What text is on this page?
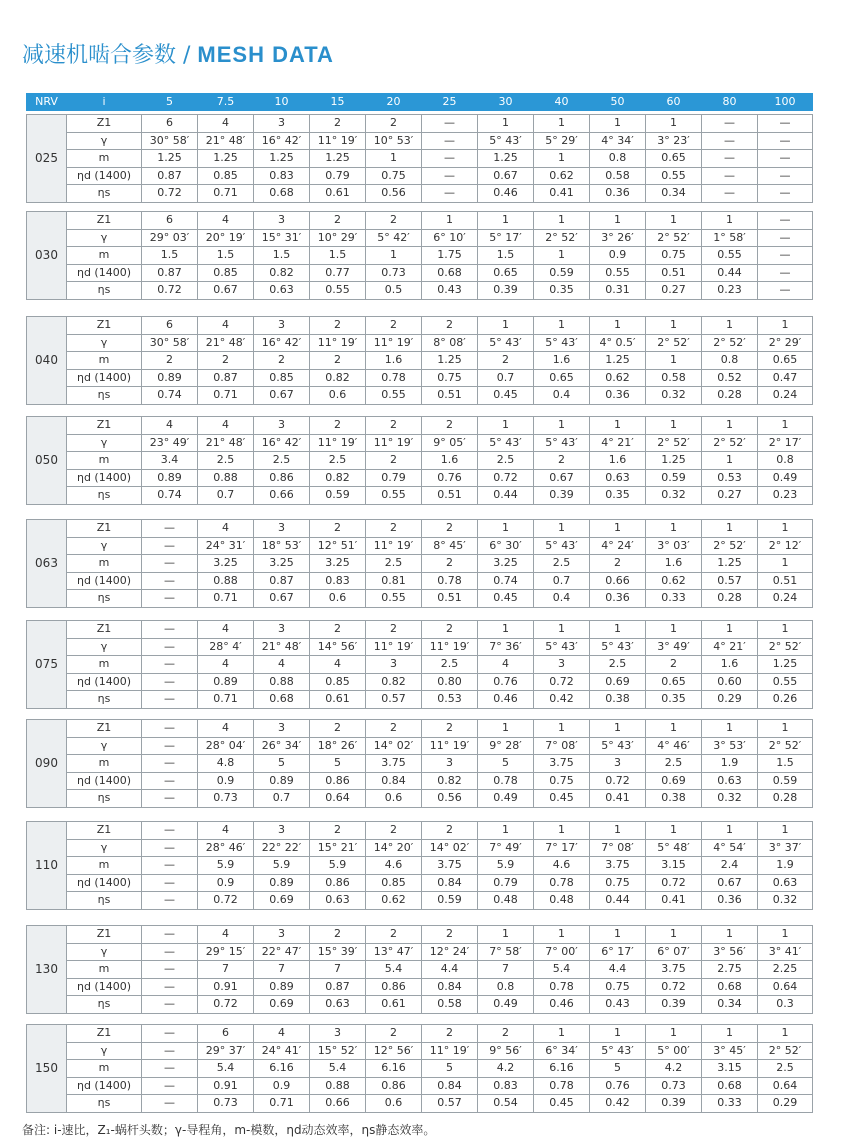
减速机啮合参数 / MESH DATA
NRV	i	5	7.5	10	15	20	25	30	40	50	60	80	100
025	Z1	6	4	3	2	2	—	1	1	1	1	—	—
	γ	30° 58′	21° 48′	16° 42′	11° 19′	10° 53′	—	5° 43′	5° 29′	4° 34′	3° 23′	—	—
	m	1.25	1.25	1.25	1.25	1	—	1.25	1	0.8	0.65	—	—
	ηd (1400)	0.87	0.85	0.83	0.79	0.75	—	0.67	0.62	0.58	0.55	—	—
	ηs	0.72	0.71	0.68	0.61	0.56	—	0.46	0.41	0.36	0.34	—	—
030	Z1	6	4	3	2	2	1	1	1	1	1	1	—
	γ	29° 03′	20° 19′	15° 31′	10° 29′	5° 42′	6° 10′	5° 17′	2° 52′	3° 26′	2° 52′	1° 58′	—
	m	1.5	1.5	1.5	1.5	1	1.75	1.5	1	0.9	0.75	0.55	—
	ηd (1400)	0.87	0.85	0.82	0.77	0.73	0.68	0.65	0.59	0.55	0.51	0.44	—
	ηs	0.72	0.67	0.63	0.55	0.5	0.43	0.39	0.35	0.31	0.27	0.23	—
040	Z1	6	4	3	2	2	2	1	1	1	1	1	1
	γ	30° 58′	21° 48′	16° 42′	11° 19′	11° 19′	8° 08′	5° 43′	5° 43′	4° 0.5′	2° 52′	2° 52′	2° 29′
	m	2	2	2	2	1.6	1.25	2	1.6	1.25	1	0.8	0.65
	ηd (1400)	0.89	0.87	0.85	0.82	0.78	0.75	0.7	0.65	0.62	0.58	0.52	0.47
	ηs	0.74	0.71	0.67	0.6	0.55	0.51	0.45	0.4	0.36	0.32	0.28	0.24
050	Z1	4	4	3	2	2	2	1	1	1	1	1	1
	γ	23° 49′	21° 48′	16° 42′	11° 19′	11° 19′	9° 05′	5° 43′	5° 43′	4° 21′	2° 52′	2° 52′	2° 17′
	m	3.4	2.5	2.5	2.5	2	1.6	2.5	2	1.6	1.25	1	0.8
	ηd (1400)	0.89	0.88	0.86	0.82	0.79	0.76	0.72	0.67	0.63	0.59	0.53	0.49
	ηs	0.74	0.7	0.66	0.59	0.55	0.51	0.44	0.39	0.35	0.32	0.27	0.23
063	Z1	—	4	3	2	2	2	1	1	1	1	1	1
	γ	—	24° 31′	18° 53′	12° 51′	11° 19′	8° 45′	6° 30′	5° 43′	4° 24′	3° 03′	2° 52′	2° 12′
	m	—	3.25	3.25	3.25	2.5	2	3.25	2.5	2	1.6	1.25	1
	ηd (1400)	—	0.88	0.87	0.83	0.81	0.78	0.74	0.7	0.66	0.62	0.57	0.51
	ηs	—	0.71	0.67	0.6	0.55	0.51	0.45	0.4	0.36	0.33	0.28	0.24
075	Z1	—	4	3	2	2	2	1	1	1	1	1	1
	γ	—	28° 4′	21° 48′	14° 56′	11° 19′	11° 19′	7° 36′	5° 43′	5° 43′	3° 49′	4° 21′	2° 52′
	m	—	4	4	4	3	2.5	4	3	2.5	2	1.6	1.25
	ηd (1400)	—	0.89	0.88	0.85	0.82	0.80	0.76	0.72	0.69	0.65	0.60	0.55
	ηs	—	0.71	0.68	0.61	0.57	0.53	0.46	0.42	0.38	0.35	0.29	0.26
090	Z1	—	4	3	2	2	2	1	1	1	1	1	1
	γ	—	28° 04′	26° 34′	18° 26′	14° 02′	11° 19′	9° 28′	7° 08′	5° 43′	4° 46′	3° 53′	2° 52′
	m	—	4.8	5	5	3.75	3	5	3.75	3	2.5	1.9	1.5
	ηd (1400)	—	0.9	0.89	0.86	0.84	0.82	0.78	0.75	0.72	0.69	0.63	0.59
	ηs	—	0.73	0.7	0.64	0.6	0.56	0.49	0.45	0.41	0.38	0.32	0.28
110	Z1	—	4	3	2	2	2	1	1	1	1	1	1
	γ	—	28° 46′	22° 22′	15° 21′	14° 20′	14° 02′	7° 49′	7° 17′	7° 08′	5° 48′	4° 54′	3° 37′
	m	—	5.9	5.9	5.9	4.6	3.75	5.9	4.6	3.75	3.15	2.4	1.9
	ηd (1400)	—	0.9	0.89	0.86	0.85	0.84	0.79	0.78	0.75	0.72	0.67	0.63
	ηs	—	0.72	0.69	0.63	0.62	0.59	0.48	0.48	0.44	0.41	0.36	0.32
130	Z1	—	4	3	2	2	2	1	1	1	1	1	1
	γ	—	29° 15′	22° 47′	15° 39′	13° 47′	12° 24′	7° 58′	7° 00′	6° 17′	6° 07′	3° 56′	3° 41′
	m	—	7	7	7	5.4	4.4	7	5.4	4.4	3.75	2.75	2.25
	ηd (1400)	—	0.91	0.89	0.87	0.86	0.84	0.8	0.78	0.75	0.72	0.68	0.64
	ηs	—	0.72	0.69	0.63	0.61	0.58	0.49	0.46	0.43	0.39	0.34	0.3
150	Z1	—	6	4	3	2	2	2	1	1	1	1	1
	γ	—	29° 37′	24° 41′	15° 52′	12° 56′	11° 19′	9° 56′	6° 34′	5° 43′	5° 00′	3° 45′	2° 52′
	m	—	5.4	6.16	5.4	6.16	5	4.2	6.16	5	4.2	3.15	2.5
	ηd (1400)	—	0.91	0.9	0.88	0.86	0.84	0.83	0.78	0.76	0.73	0.68	0.64
	ηs	—	0.73	0.71	0.66	0.6	0.57	0.54	0.45	0.42	0.39	0.33	0.29
备注: i-速比，Z₁-蜗杆头数；γ-导程角，m-模数，ηd动态效率，ηs静态效率。
